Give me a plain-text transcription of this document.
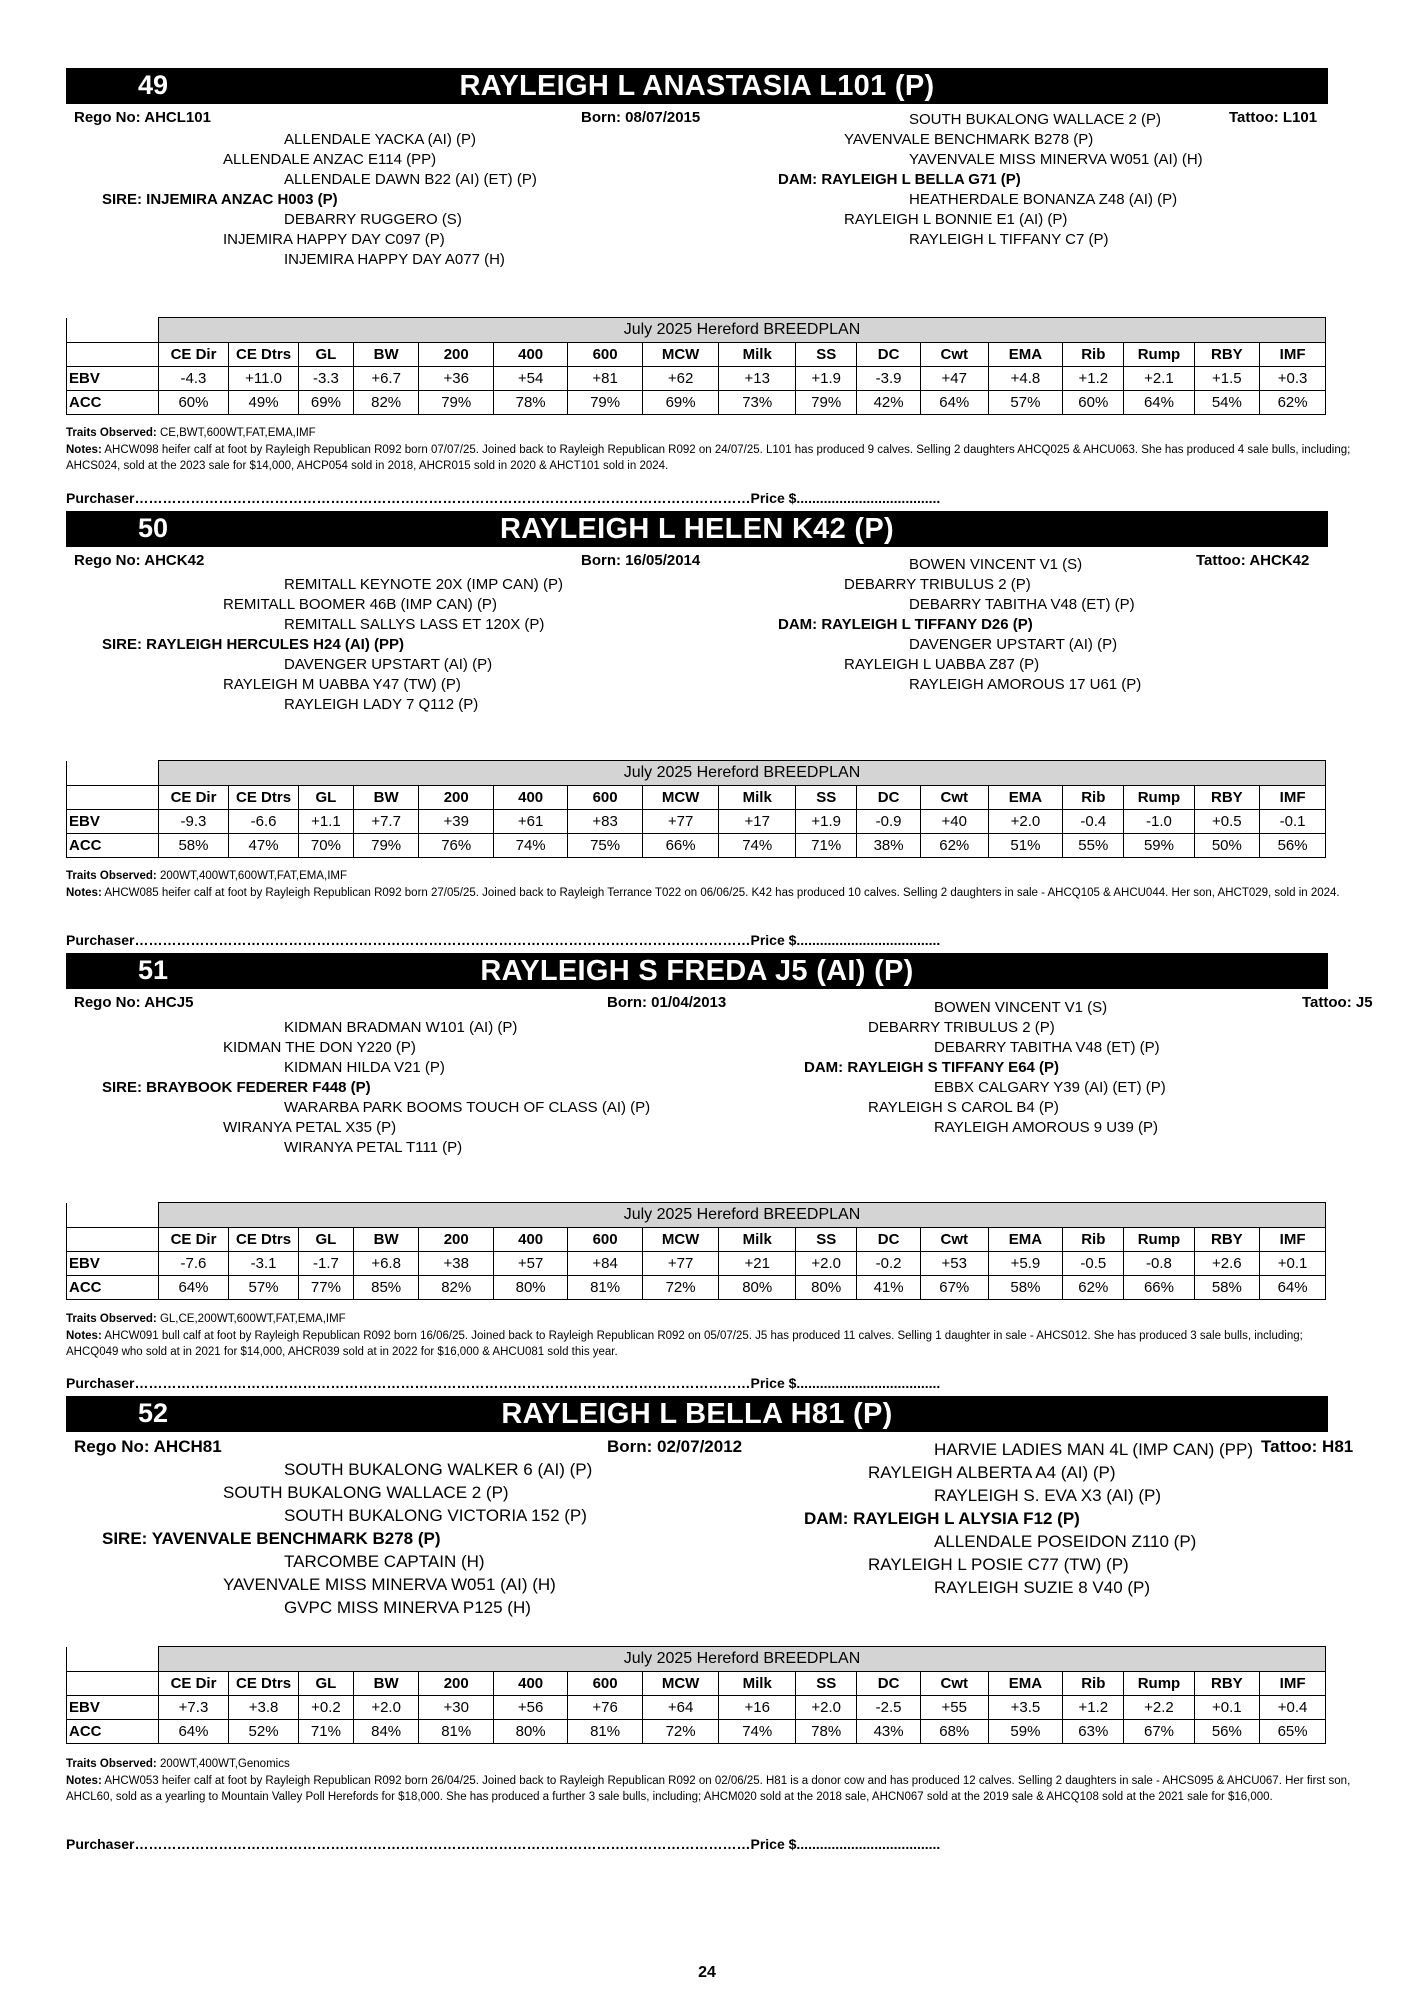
49	RAYLEIGH L ANASTASIA L101 (P)
Rego No: AHCL101	Born: 08/07/2015	Tattoo: L101
ALLENDALE YACKA (AI) (P)
ALLENDALE ANZAC E114 (PP)
ALLENDALE DAWN B22 (AI) (ET) (P)
SIRE: INJEMIRA ANZAC H003 (P)
DEBARRY RUGGERO (S)
INJEMIRA HAPPY DAY C097 (P)
INJEMIRA HAPPY DAY A077 (H)
SOUTH BUKALONG WALLACE 2 (P)
YAVENVALE BENCHMARK B278 (P)
YAVENVALE MISS MINERVA W051 (AI) (H)
DAM: RAYLEIGH L BELLA G71 (P)
HEATHERDALE BONANZA Z48 (AI) (P)
RAYLEIGH L BONNIE E1 (AI) (P)
RAYLEIGH L TIFFANY C7 (P)
	July 2025 Hereford BREEDPLAN																
	CE Dir	CE Dtrs	GL	BW	200	400	600	MCW	Milk	SS	DC	Cwt	EMA	Rib	Rump	RBY	IMF
EBV	-4.3	+11.0	-3.3	+6.7	+36	+54	+81	+62	+13	+1.9	-3.9	+47	+4.8	+1.2	+2.1	+1.5	+0.3
ACC	60%	49%	69%	82%	79%	78%	79%	69%	73%	79%	42%	64%	57%	60%	64%	54%	62%
Traits Observed: CE,BWT,600WT,FAT,EMA,IMF
Notes: AHCW098 heifer calf at foot by Rayleigh Republican R092 born 07/07/25. Joined back to Rayleigh Republican R092 on 24/07/25. L101 has produced 9 calves. Selling 2 daughters AHCQ025 & AHCU063. She has produced 4 sale bulls, including; AHCS024, sold at the 2023 sale for $14,000, AHCP054 sold in 2018, AHCR015 sold in 2020 & AHCT101 sold in 2024.
Purchaser……………………………………………………………………………………………………………………Price $.....................................
50	RAYLEIGH L HELEN K42 (P)
Rego No: AHCK42	Born: 16/05/2014	Tattoo: AHCK42
REMITALL KEYNOTE 20X (IMP CAN) (P)
REMITALL BOOMER 46B (IMP CAN) (P)
REMITALL SALLYS LASS ET 120X (P)
SIRE: RAYLEIGH HERCULES H24 (AI) (PP)
DAVENGER UPSTART (AI) (P)
RAYLEIGH M UABBA Y47 (TW) (P)
RAYLEIGH LADY 7 Q112 (P)
BOWEN VINCENT V1 (S)
DEBARRY TRIBULUS 2 (P)
DEBARRY TABITHA V48 (ET) (P)
DAM: RAYLEIGH L TIFFANY D26 (P)
DAVENGER UPSTART (AI) (P)
RAYLEIGH L UABBA Z87 (P)
RAYLEIGH AMOROUS 17 U61 (P)
	July 2025 Hereford BREEDPLAN																
	CE Dir	CE Dtrs	GL	BW	200	400	600	MCW	Milk	SS	DC	Cwt	EMA	Rib	Rump	RBY	IMF
EBV	-9.3	-6.6	+1.1	+7.7	+39	+61	+83	+77	+17	+1.9	-0.9	+40	+2.0	-0.4	-1.0	+0.5	-0.1
ACC	58%	47%	70%	79%	76%	74%	75%	66%	74%	71%	38%	62%	51%	55%	59%	50%	56%
Traits Observed: 200WT,400WT,600WT,FAT,EMA,IMF
Notes: AHCW085 heifer calf at foot by Rayleigh Republican R092 born 27/05/25. Joined back to Rayleigh Terrance T022 on 06/06/25. K42 has produced 10 calves. Selling 2 daughters in sale - AHCQ105 & AHCU044. Her son, AHCT029, sold in 2024.
Purchaser……………………………………………………………………………………………………………………Price $.....................................
51	RAYLEIGH S FREDA J5 (AI) (P)
Rego No: AHCJ5	Born: 01/04/2013	Tattoo: J5
KIDMAN BRADMAN W101 (AI) (P)
KIDMAN THE DON Y220 (P)
KIDMAN HILDA V21 (P)
SIRE: BRAYBOOK FEDERER F448 (P)
WARARBA PARK BOOMS TOUCH OF CLASS (AI) (P)
WIRANYA PETAL X35 (P)
WIRANYA PETAL T111 (P)
BOWEN VINCENT V1 (S)
DEBARRY TRIBULUS 2 (P)
DEBARRY TABITHA V48 (ET) (P)
DAM: RAYLEIGH S TIFFANY E64 (P)
EBBX CALGARY Y39 (AI) (ET) (P)
RAYLEIGH S CAROL B4 (P)
RAYLEIGH AMOROUS 9 U39 (P)
	July 2025 Hereford BREEDPLAN																
	CE Dir	CE Dtrs	GL	BW	200	400	600	MCW	Milk	SS	DC	Cwt	EMA	Rib	Rump	RBY	IMF
EBV	-7.6	-3.1	-1.7	+6.8	+38	+57	+84	+77	+21	+2.0	-0.2	+53	+5.9	-0.5	-0.8	+2.6	+0.1
ACC	64%	57%	77%	85%	82%	80%	81%	72%	80%	80%	41%	67%	58%	62%	66%	58%	64%
Traits Observed: GL,CE,200WT,600WT,FAT,EMA,IMF
Notes: AHCW091 bull calf at foot by Rayleigh Republican R092 born 16/06/25. Joined back to Rayleigh Republican R092 on 05/07/25. J5 has produced 11 calves. Selling 1 daughter in sale - AHCS012. She has produced 3 sale bulls, including; AHCQ049 who sold at in 2021 for $14,000, AHCR039 sold at in 2022 for $16,000 & AHCU081 sold this year.
Purchaser……………………………………………………………………………………………………………………Price $.....................................
52	RAYLEIGH L BELLA H81 (P)
Rego No: AHCH81	Born: 02/07/2012	Tattoo: H81
SOUTH BUKALONG WALKER 6 (AI) (P)
SOUTH BUKALONG WALLACE 2 (P)
SOUTH BUKALONG VICTORIA 152 (P)
SIRE: YAVENVALE BENCHMARK B278 (P)
TARCOMBE CAPTAIN (H)
YAVENVALE MISS MINERVA W051 (AI) (H)
GVPC MISS MINERVA P125 (H)
HARVIE LADIES MAN 4L (IMP CAN) (PP)
RAYLEIGH ALBERTA A4 (AI) (P)
RAYLEIGH S. EVA X3 (AI) (P)
DAM: RAYLEIGH L ALYSIA F12 (P)
ALLENDALE POSEIDON Z110 (P)
RAYLEIGH L POSIE C77 (TW) (P)
RAYLEIGH SUZIE 8 V40 (P)
	July 2025 Hereford BREEDPLAN																
	CE Dir	CE Dtrs	GL	BW	200	400	600	MCW	Milk	SS	DC	Cwt	EMA	Rib	Rump	RBY	IMF
EBV	+7.3	+3.8	+0.2	+2.0	+30	+56	+76	+64	+16	+2.0	-2.5	+55	+3.5	+1.2	+2.2	+0.1	+0.4
ACC	64%	52%	71%	84%	81%	80%	81%	72%	74%	78%	43%	68%	59%	63%	67%	56%	65%
Traits Observed: 200WT,400WT,Genomics
Notes: AHCW053 heifer calf at foot by Rayleigh Republican R092 born 26/04/25. Joined back to Rayleigh Republican R092 on 02/06/25. H81 is a donor cow and has produced 12 calves. Selling 2 daughters in sale - AHCS095 & AHCU067. Her first son, AHCL60, sold as a yearling to Mountain Valley Poll Herefords for $18,000. She has produced a further 3 sale bulls, including; AHCM020 sold at the 2018 sale, AHCN067 sold at the 2019 sale & AHCQ108 sold at the 2021 sale for $16,000.
Purchaser……………………………………………………………………………………………………………………Price $.....................................
24
